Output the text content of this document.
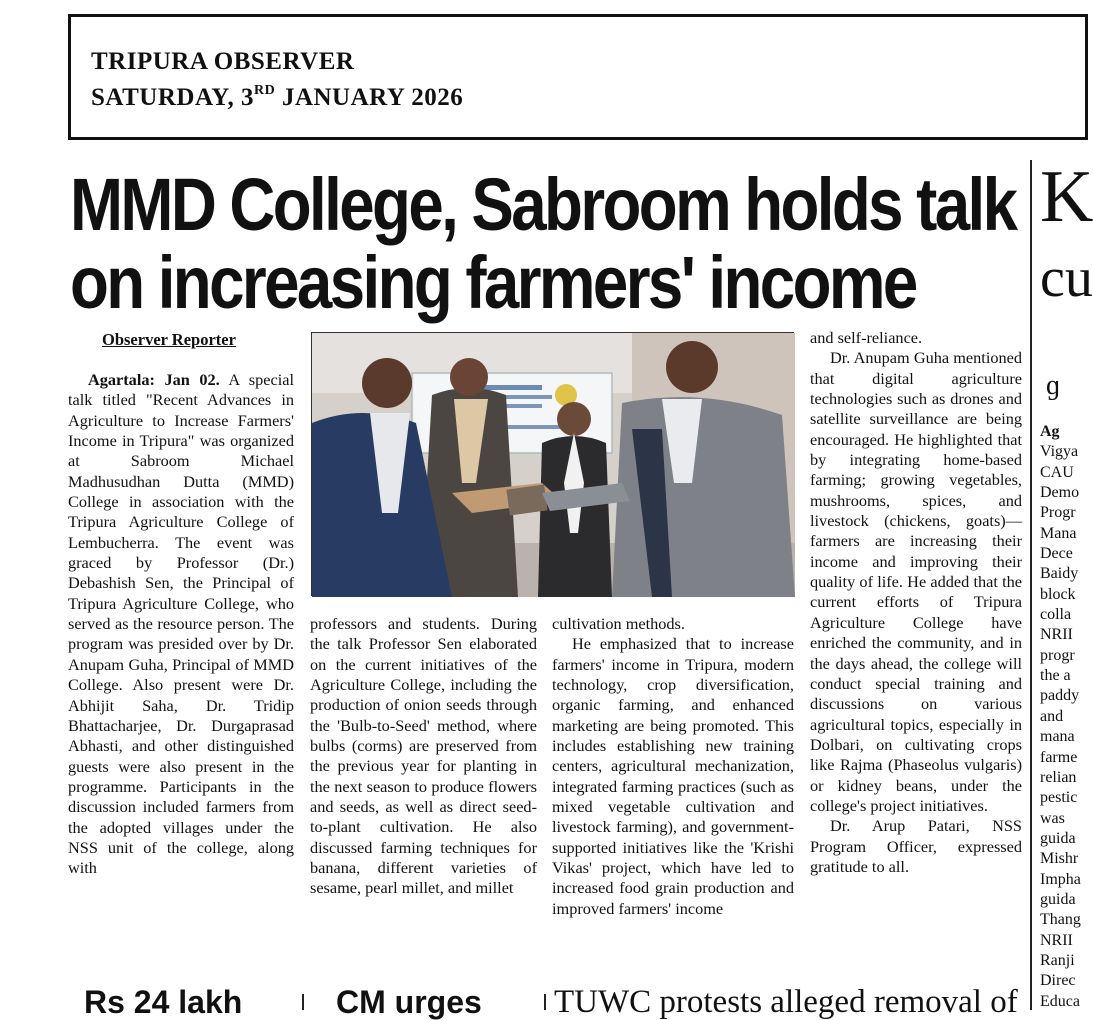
TRIPURA OBSERVER
SATURDAY, 3RD JANUARY 2026
MMD College, Sabroom holds talk
on increasing farmers' income
K
cu
ɡ
Observer Reporter

Agartala: Jan 02. A special talk titled "Recent Advances in Agriculture to Increase Farmers' Income in Tripura" was organized at Sabroom Michael Madhusudhan Dutta (MMD) College in association with the Tripura Agriculture College of Lembucherra. The event was graced by Professor (Dr.) Debashish Sen, the Principal of Tripura Agriculture College, who served as the resource person. The program was presided over by Dr. Anupam Guha, Principal of MMD College. Also present were Dr. Abhijit Saha, Dr. Tridip Bhattacharjee, Dr. Durgaprasad Abhasti, and other distinguished guests were also present in the programme. Participants in the discussion included farmers from the adopted villages under the NSS unit of the college, along with

professors and students. During the talk Professor Sen elaborated on the current initiatives of the Agriculture College, including the production of onion seeds through the 'Bulb-to-Seed' method, where bulbs (corms) are preserved from the previous year for planting in the next season to produce flowers and seeds, as well as direct seed-to-plant cultivation. He also discussed farming techniques for banana, different varieties of sesame, pearl millet, and millet

cultivation methods.

He emphasized that to increase farmers' income in Tripura, modern technology, crop diversification, organic farming, and enhanced marketing are being promoted. This includes establishing new training centers, agricultural mechanization, integrated farming practices (such as mixed vegetable cultivation and livestock farming), and government-supported initiatives like the 'Krishi Vikas' project, which have led to increased food grain production and improved farmers' income

and self-reliance.

Dr. Anupam Guha mentioned that digital agriculture technologies such as drones and satellite surveillance are being encouraged. He highlighted that by integrating home-based farming; growing vegetables, mushrooms, spices, and livestock (chickens, goats)—farmers are increasing their income and improving their quality of life. He added that the current efforts of Tripura Agriculture College have enriched the community, and in the days ahead, the college will conduct special training and discussions on various agricultural topics, especially in Dolbari, on cultivating crops like Rajma (Phaseolus vulgaris) or kidney beans, under the college's project initiatives.

Dr. Arup Patari, NSS Program Officer, expressed gratitude to all.

Ag
Vigya
CAU
Demo
Progr
Mana
Dece
Baidy
block
colla
NRII
progr
the a
paddy
and
mana
farme
relian
pestic
was
guida
Mishr
Impha
guida
Thang
NRII
Ranji
Direc
Educa
Rs 24 lakh	CM urges TUWC protests alleged removal of
